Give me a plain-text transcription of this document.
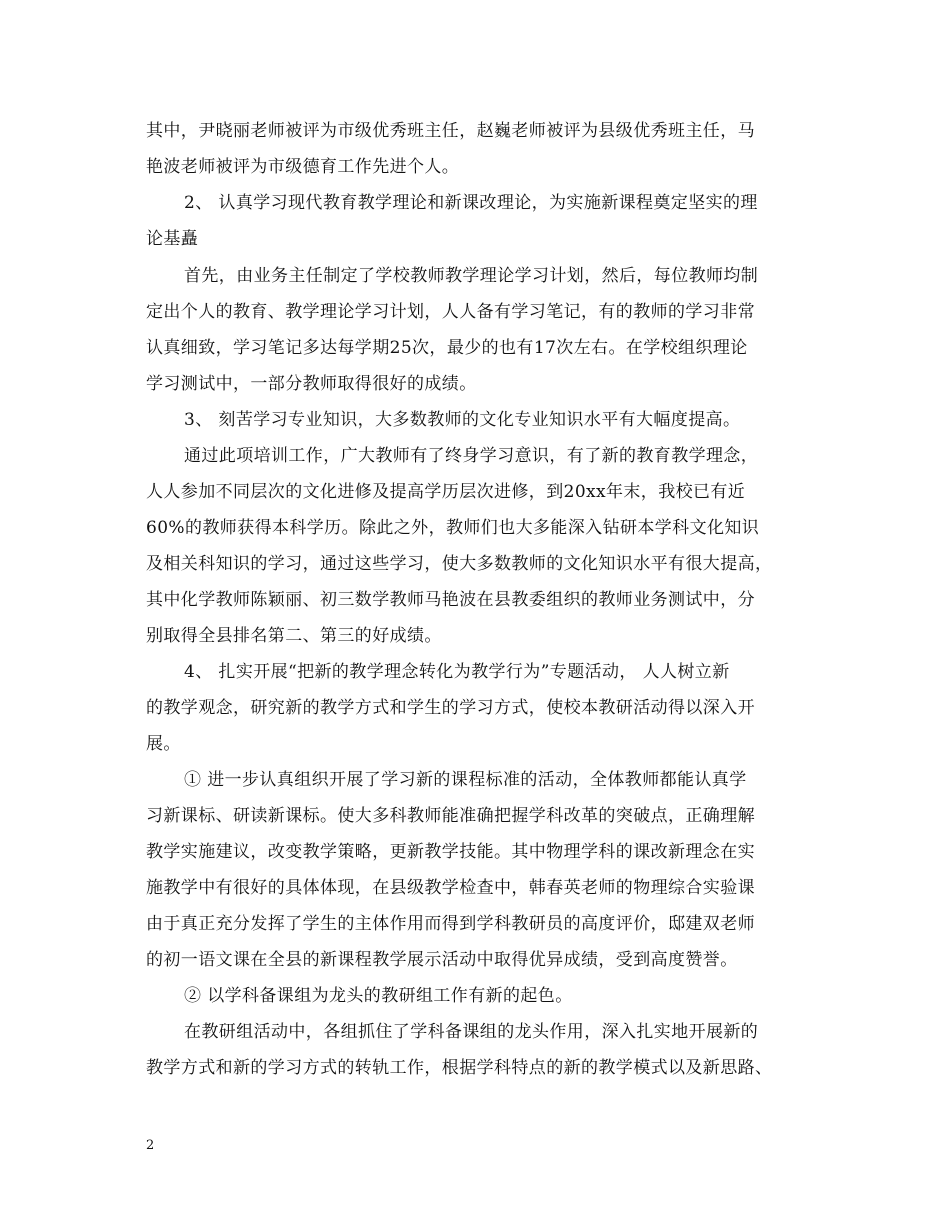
其中，尹晓丽老师被评为市级优秀班主任，赵巍老师被评为县级优秀班主任，马
艳波老师被评为市级德育工作先进个人。
2、 认真学习现代教育教学理论和新课改理论，为实施新课程奠定坚实的理
论基矗
首先，由业务主任制定了学校教师教学理论学习计划，然后，每位教师均制
定出个人的教育、教学理论学习计划，人人备有学习笔记，有的教师的学习非常
认真细致，学习笔记多达每学期25次，最少的也有17次左右。在学校组织理论
学习测试中，一部分教师取得很好的成绩。
3、 刻苦学习专业知识，大多数教师的文化专业知识水平有大幅度提高。
通过此项培训工作，广大教师有了终身学习意识，有了新的教育教学理念，
人人参加不同层次的文化进修及提高学历层次进修，到20xx年末，我校已有近
60%的教师获得本科学历。除此之外，教师们也大多能深入钻研本学科文化知识
及相关科知识的学习，通过这些学习，使大多数教师的文化知识水平有很大提高，
其中化学教师陈颖丽、初三数学教师马艳波在县教委组织的教师业务测试中，分
别取得全县排名第二、第三的好成绩。
4、 扎实开展“把新的教学理念转化为教学行为”专题活动， 人人树立新
的教学观念，研究新的教学方式和学生的学习方式，使校本教研活动得以深入开
展。
① 进一步认真组织开展了学习新的课程标准的活动，全体教师都能认真学
习新课标、研读新课标。使大多科教师能准确把握学科改革的突破点，正确理解
教学实施建议，改变教学策略，更新教学技能。其中物理学科的课改新理念在实
施教学中有很好的具体体现，在县级教学检查中，韩春英老师的物理综合实验课
由于真正充分发挥了学生的主体作用而得到学科教研员的高度评价，邸建双老师
的初一语文课在全县的新课程教学展示活动中取得优异成绩，受到高度赞誉。
② 以学科备课组为龙头的教研组工作有新的起色。
在教研组活动中，各组抓住了学科备课组的龙头作用，深入扎实地开展新的
教学方式和新的学习方式的转轨工作，根据学科特点的新的教学模式以及新思路、
2
